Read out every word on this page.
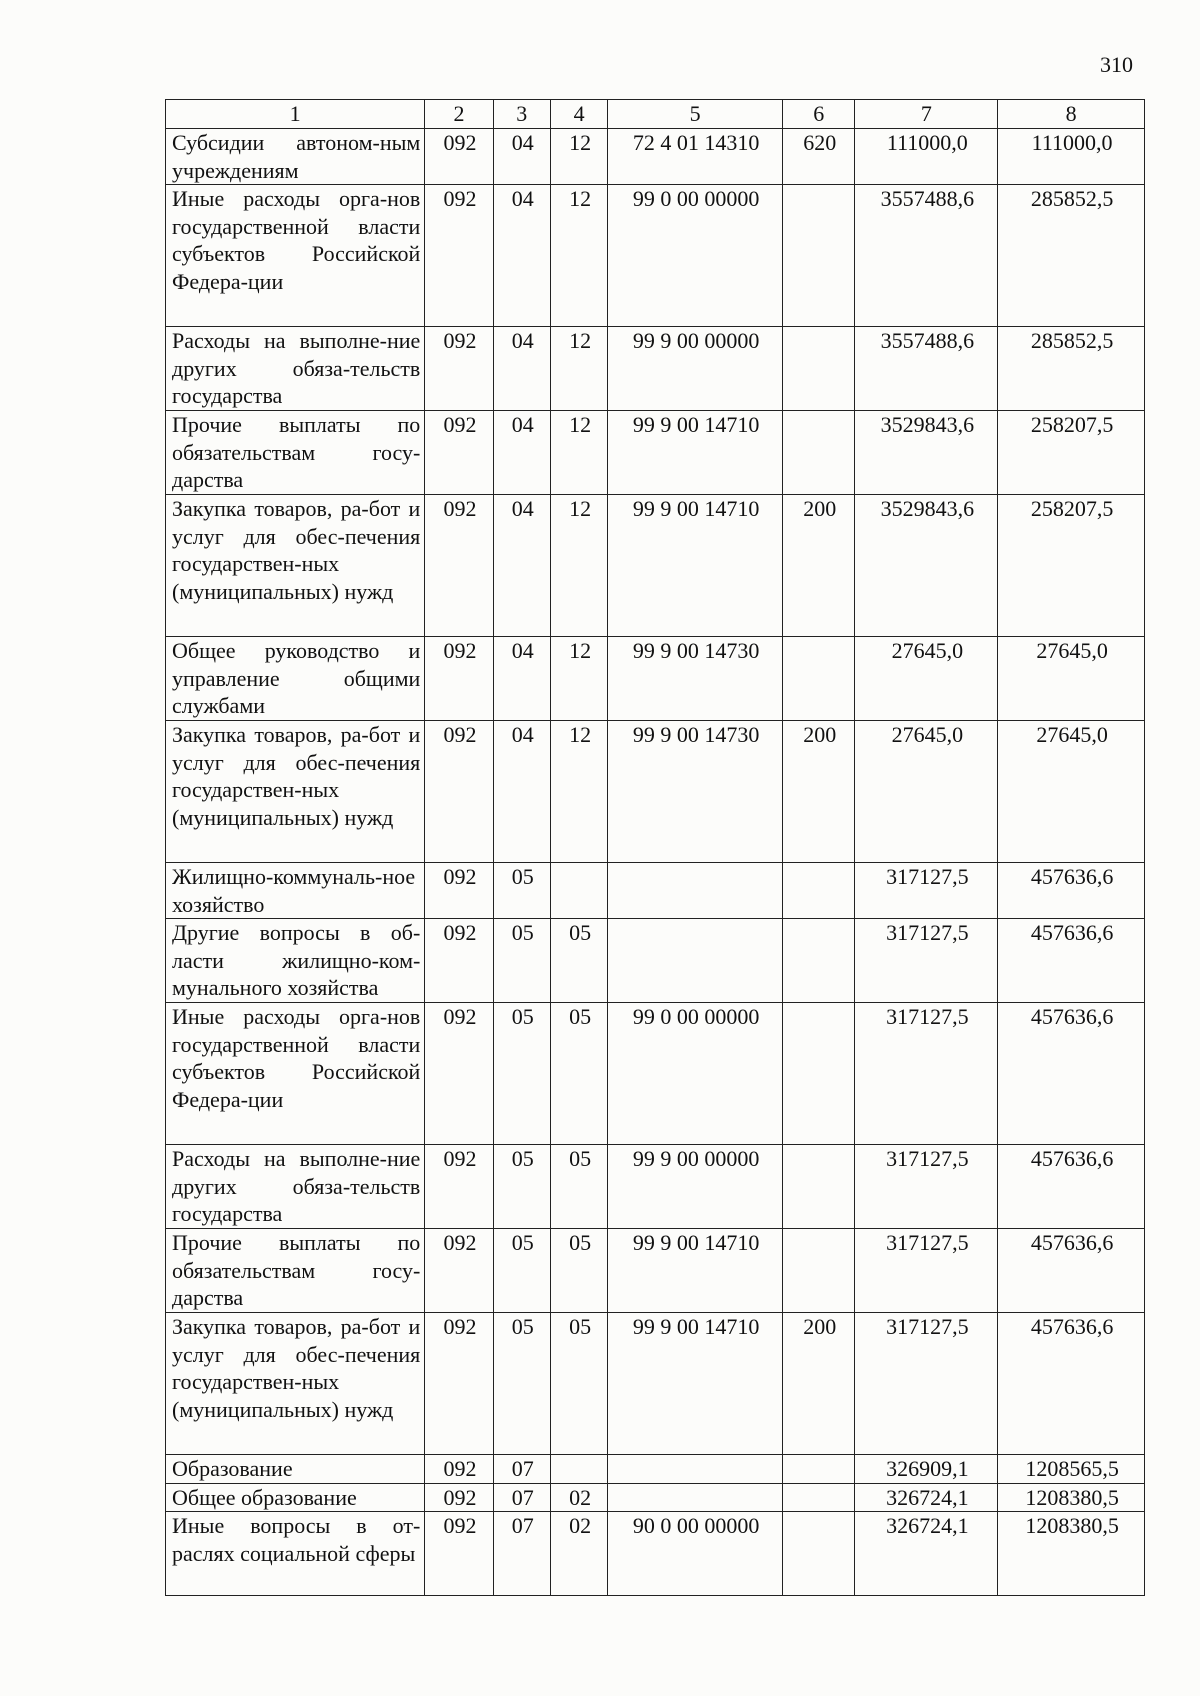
310
1	2	3	4	5	6	7	8
Субсидии автоном-ным учреждениям	092	04	12	72 4 01 14310	620	111000,0	111000,0
Иные расходы орга-нов государственной власти субъектов Российской Федера-ции	092	04	12	99 0 00 00000		3557488,6	285852,5
Расходы на выполне-ние других обяза-тельств государства	092	04	12	99 9 00 00000		3557488,6	285852,5
Прочие выплаты по обязательствам госу-дарства	092	04	12	99 9 00 14710		3529843,6	258207,5
Закупка товаров, ра-бот и услуг для обес-печения государствен-ных (муниципальных) нужд	092	04	12	99 9 00 14710	200	3529843,6	258207,5
Общее руководство и управление общими службами	092	04	12	99 9 00 14730		27645,0	27645,0
Закупка товаров, ра-бот и услуг для обес-печения государствен-ных (муниципальных) нужд	092	04	12	99 9 00 14730	200	27645,0	27645,0
Жилищно-коммуналь-ное хозяйство	092	05				317127,5	457636,6
Другие вопросы в об-ласти жилищно-ком-мунального хозяйства	092	05	05			317127,5	457636,6
Иные расходы орга-нов государственной власти субъектов Российской Федера-ции	092	05	05	99 0 00 00000		317127,5	457636,6
Расходы на выполне-ние других обяза-тельств государства	092	05	05	99 9 00 00000		317127,5	457636,6
Прочие выплаты по обязательствам госу-дарства	092	05	05	99 9 00 14710		317127,5	457636,6
Закупка товаров, ра-бот и услуг для обес-печения государствен-ных (муниципальных) нужд	092	05	05	99 9 00 14710	200	317127,5	457636,6
Образование	092	07				326909,1	1208565,5
Общее образование	092	07	02			326724,1	1208380,5
Иные вопросы в от-раслях социальной сферы	092	07	02	90 0 00 00000		326724,1	1208380,5
